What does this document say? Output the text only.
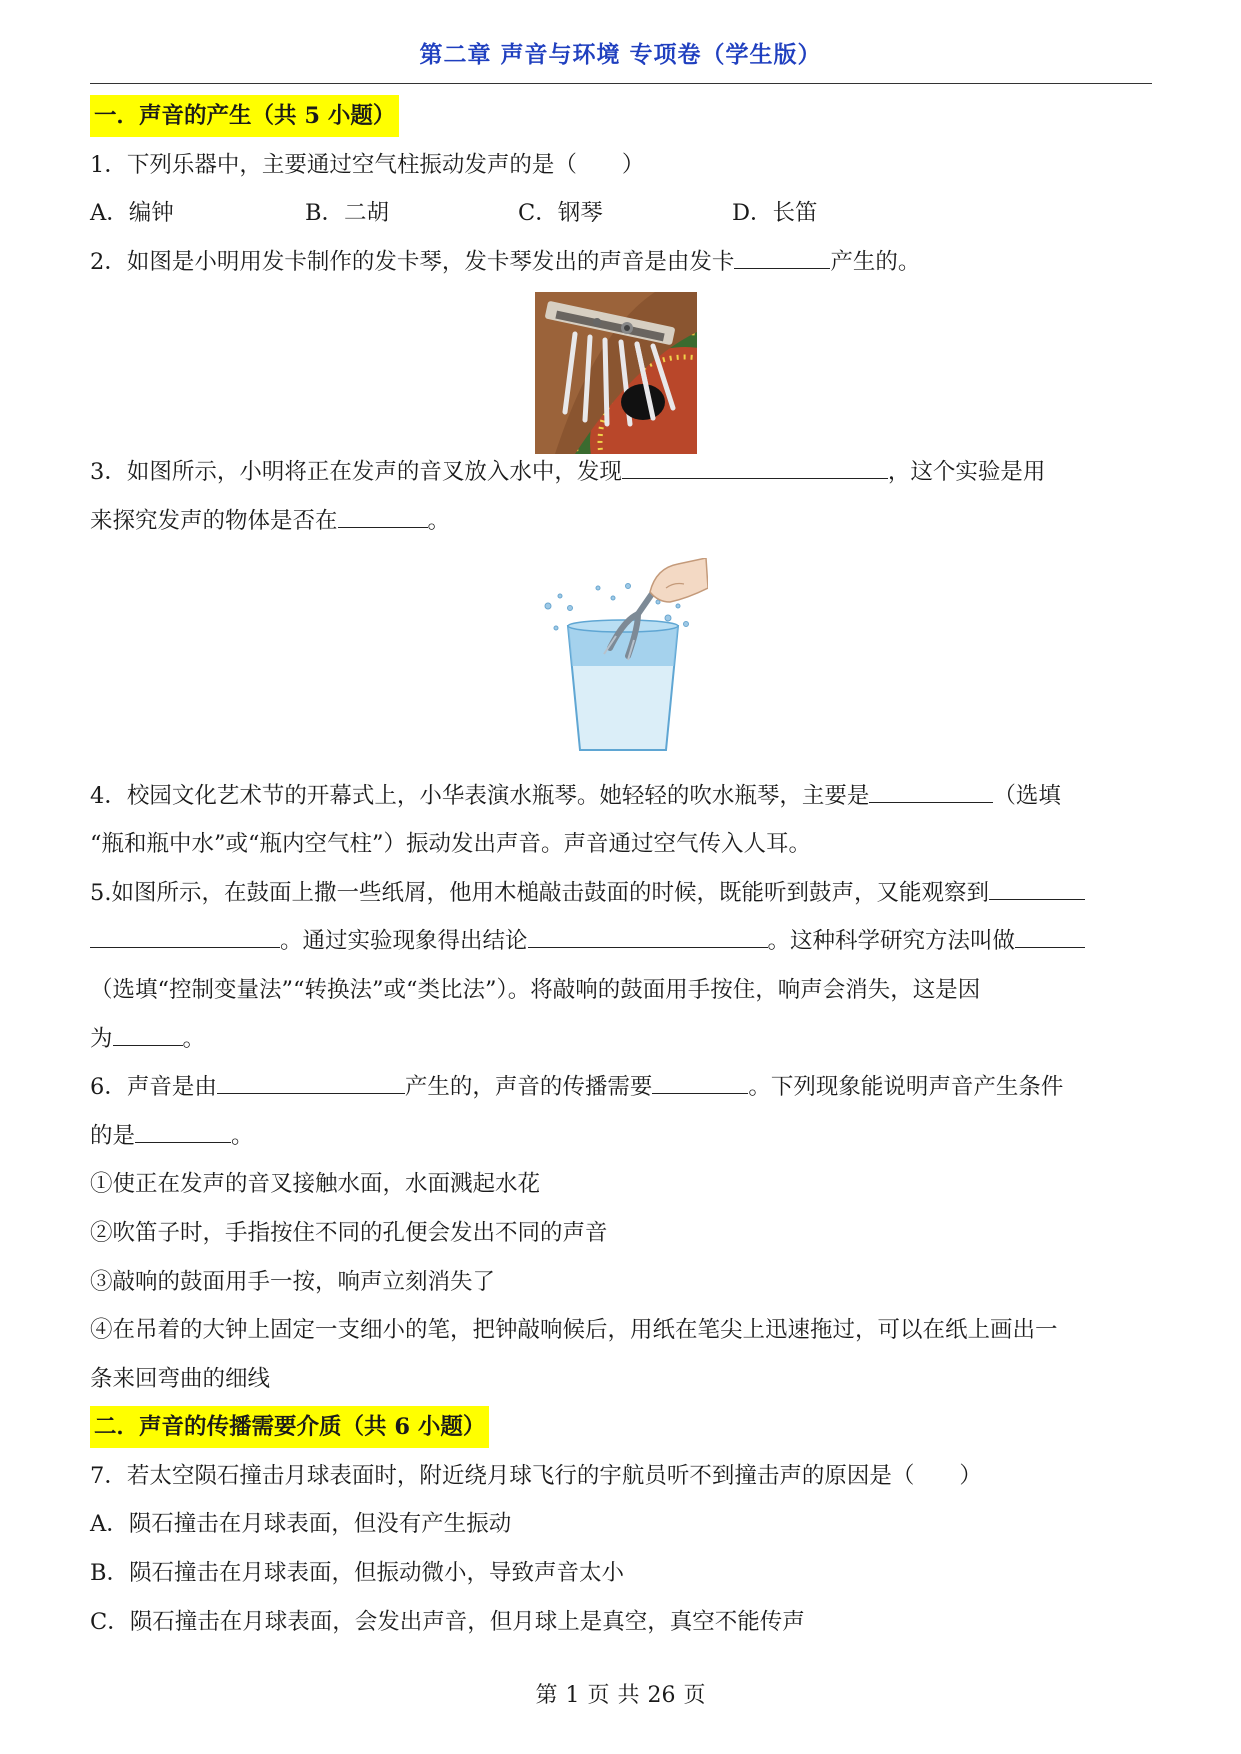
第二章 声音与环境 专项卷（学生版）
一．声音的产生（共 5 小题）
1．下列乐器中，主要通过空气柱振动发声的是（　　）
A．编钟	B．二胡	C．钢琴	D．长笛
2．如图是小明用发卡制作的发卡琴，发卡琴发出的声音是由发卡	产生的。
3．如图所示，小明将正在发声的音叉放入水中，发现	，这个实验是用
来探究发声的物体是否在	。
4．校园文化艺术节的开幕式上，小华表演水瓶琴。她轻轻的吹水瓶琴，主要是	（选填
“瓶和瓶中水”或“瓶内空气柱”）振动发出声音。声音通过空气传入人耳。
5.如图所示，在鼓面上撒一些纸屑，他用木槌敲击鼓面的时候，既能听到鼓声，又能观察到
。通过实验现象得出结论	。这种科学研究方法叫做
（选填“控制变量法”“转换法”或“类比法”）。将敲响的鼓面用手按住，响声会消失，这是因
为	。
6．声音是由	产生的，声音的传播需要	。下列现象能说明声音产生条件
的是	。
①使正在发声的音叉接触水面，水面溅起水花
②吹笛子时，手指按住不同的孔便会发出不同的声音
③敲响的鼓面用手一按，响声立刻消失了
④在吊着的大钟上固定一支细小的笔，把钟敲响候后，用纸在笔尖上迅速拖过，可以在纸上画出一
条来回弯曲的细线
二．声音的传播需要介质（共 6 小题）
7．若太空陨石撞击月球表面时，附近绕月球飞行的宇航员听不到撞击声的原因是（　　）
A．陨石撞击在月球表面，但没有产生振动
B．陨石撞击在月球表面，但振动微小，导致声音太小
C．陨石撞击在月球表面，会发出声音，但月球上是真空，真空不能传声
第 1 页 共 26 页
